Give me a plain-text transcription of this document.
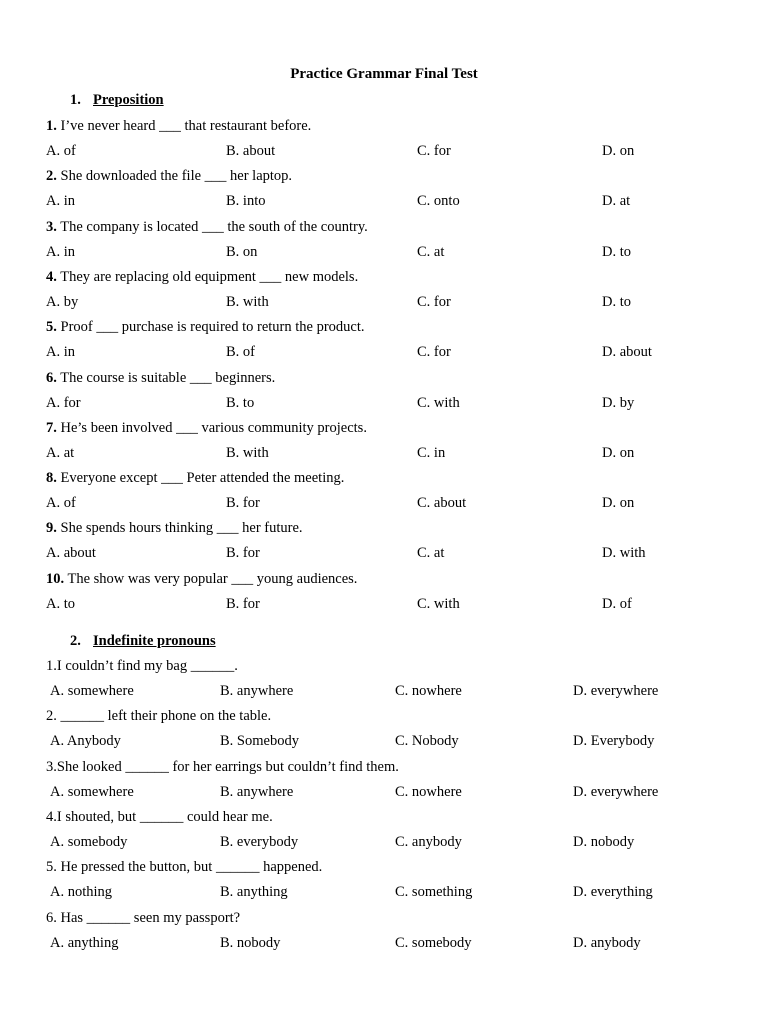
Practice Grammar Final Test
1. Preposition
1. I’ve never heard ___ that restaurant before.
A. of	B. about	C. for	D. on
2. She downloaded the file ___ her laptop.
A. in	B. into	C. onto	D. at
3. The company is located ___ the south of the country.
A. in	B. on	C. at	D. to
4. They are replacing old equipment ___ new models.
A. by	B. with	C. for	D. to
5. Proof ___ purchase is required to return the product.
A. in	B. of	C. for	D. about
6. The course is suitable ___ beginners.
A. for	B. to	C. with	D. by
7. He’s been involved ___ various community projects.
A. at	B. with	C. in	D. on
8. Everyone except ___ Peter attended the meeting.
A. of	B. for	C. about	D. on
9. She spends hours thinking ___ her future.
A. about	B. for	C. at	D. with
10. The show was very popular ___ young audiences.
A. to	B. for	C. with	D. of
2. Indefinite pronouns
1.I couldn’t find my bag ______.
A. somewhere	B. anywhere	C. nowhere	D. everywhere
2. ______ left their phone on the table.
A. Anybody	B. Somebody	C. Nobody	D. Everybody
3.She looked ______ for her earrings but couldn’t find them.
A. somewhere	B. anywhere	C. nowhere	D. everywhere
4.I shouted, but ______ could hear me.
A. somebody	B. everybody	C. anybody	D. nobody
5. He pressed the button, but ______ happened.
A. nothing	B. anything	C. something	D. everything
6. Has ______ seen my passport?
A. anything	B. nobody	C. somebody	D. anybody
